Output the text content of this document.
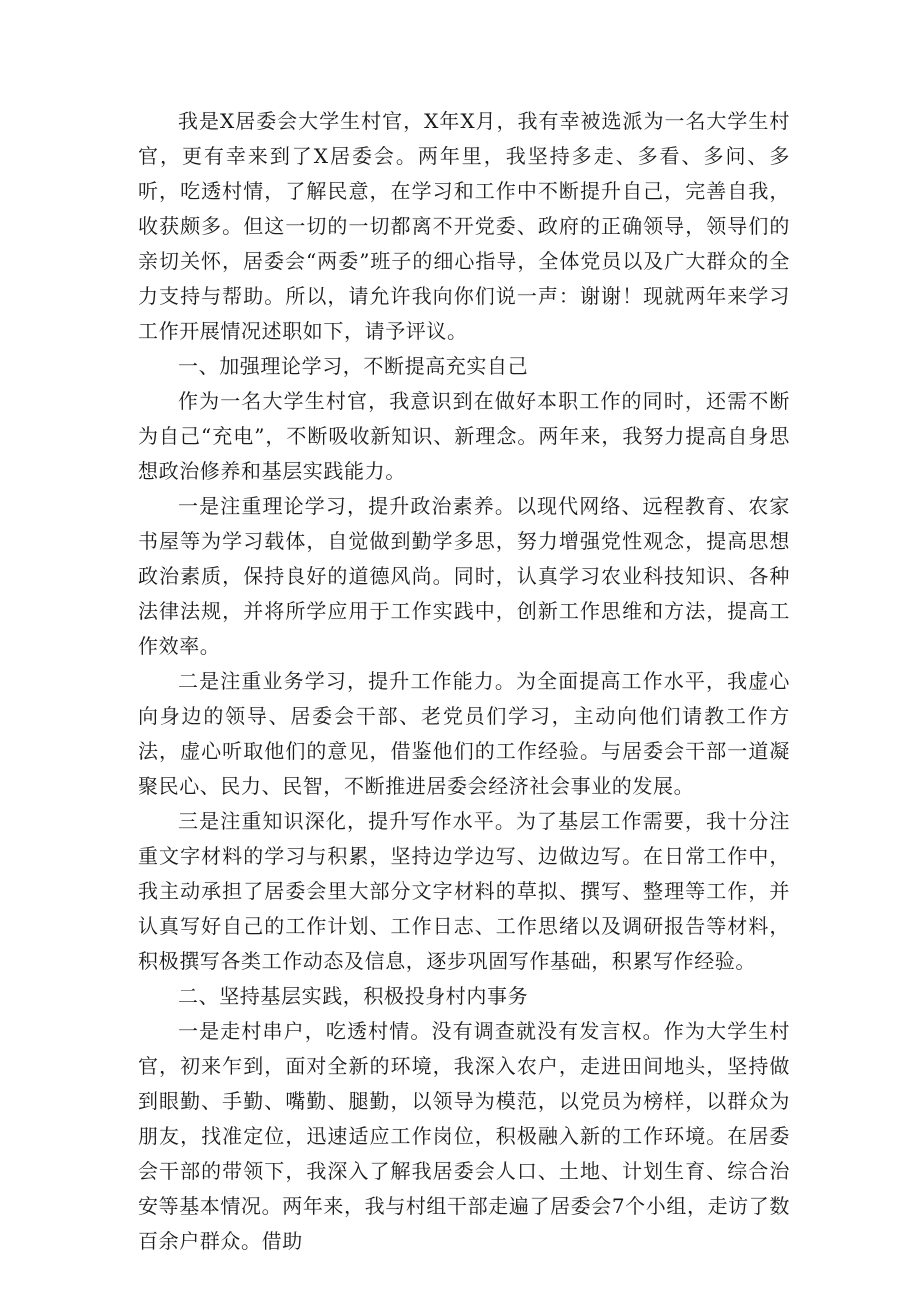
我是X居委会大学生村官，X年X月，我有幸被选派为一名大学生村官，更有幸来到了X居委会。两年里，我坚持多走、多看、多问、多听，吃透村情，了解民意，在学习和工作中不断提升自己，完善自我，收获颇多。但这一切的一切都离不开党委、政府的正确领导，领导们的亲切关怀，居委会“两委”班子的细心指导，全体党员以及广大群众的全力支持与帮助。所以，请允许我向你们说一声：谢谢！现就两年来学习工作开展情况述职如下，请予评议。

一、加强理论学习，不断提高充实自己

作为一名大学生村官，我意识到在做好本职工作的同时，还需不断为自己“充电”，不断吸收新知识、新理念。两年来，我努力提高自身思想政治修养和基层实践能力。

一是注重理论学习，提升政治素养。以现代网络、远程教育、农家书屋等为学习载体，自觉做到勤学多思，努力增强党性观念，提高思想政治素质，保持良好的道德风尚。同时，认真学习农业科技知识、各种法律法规，并将所学应用于工作实践中，创新工作思维和方法，提高工作效率。

二是注重业务学习，提升工作能力。为全面提高工作水平，我虚心向身边的领导、居委会干部、老党员们学习，主动向他们请教工作方法，虚心听取他们的意见，借鉴他们的工作经验。与居委会干部一道凝聚民心、民力、民智，不断推进居委会经济社会事业的发展。

三是注重知识深化，提升写作水平。为了基层工作需要，我十分注重文字材料的学习与积累，坚持边学边写、边做边写。在日常工作中，我主动承担了居委会里大部分文字材料的草拟、撰写、整理等工作，并认真写好自己的工作计划、工作日志、工作思绪以及调研报告等材料，积极撰写各类工作动态及信息，逐步巩固写作基础，积累写作经验。

二、坚持基层实践，积极投身村内事务

一是走村串户，吃透村情。没有调查就没有发言权。作为大学生村官，初来乍到，面对全新的环境，我深入农户，走进田间地头，坚持做到眼勤、手勤、嘴勤、腿勤，以领导为模范，以党员为榜样，以群众为朋友，找准定位，迅速适应工作岗位，积极融入新的工作环境。在居委会干部的带领下，我深入了解我居委会人口、土地、计划生育、综合治安等基本情况。两年来，我与村组干部走遍了居委会7个小组，走访了数百余户群众。借助
